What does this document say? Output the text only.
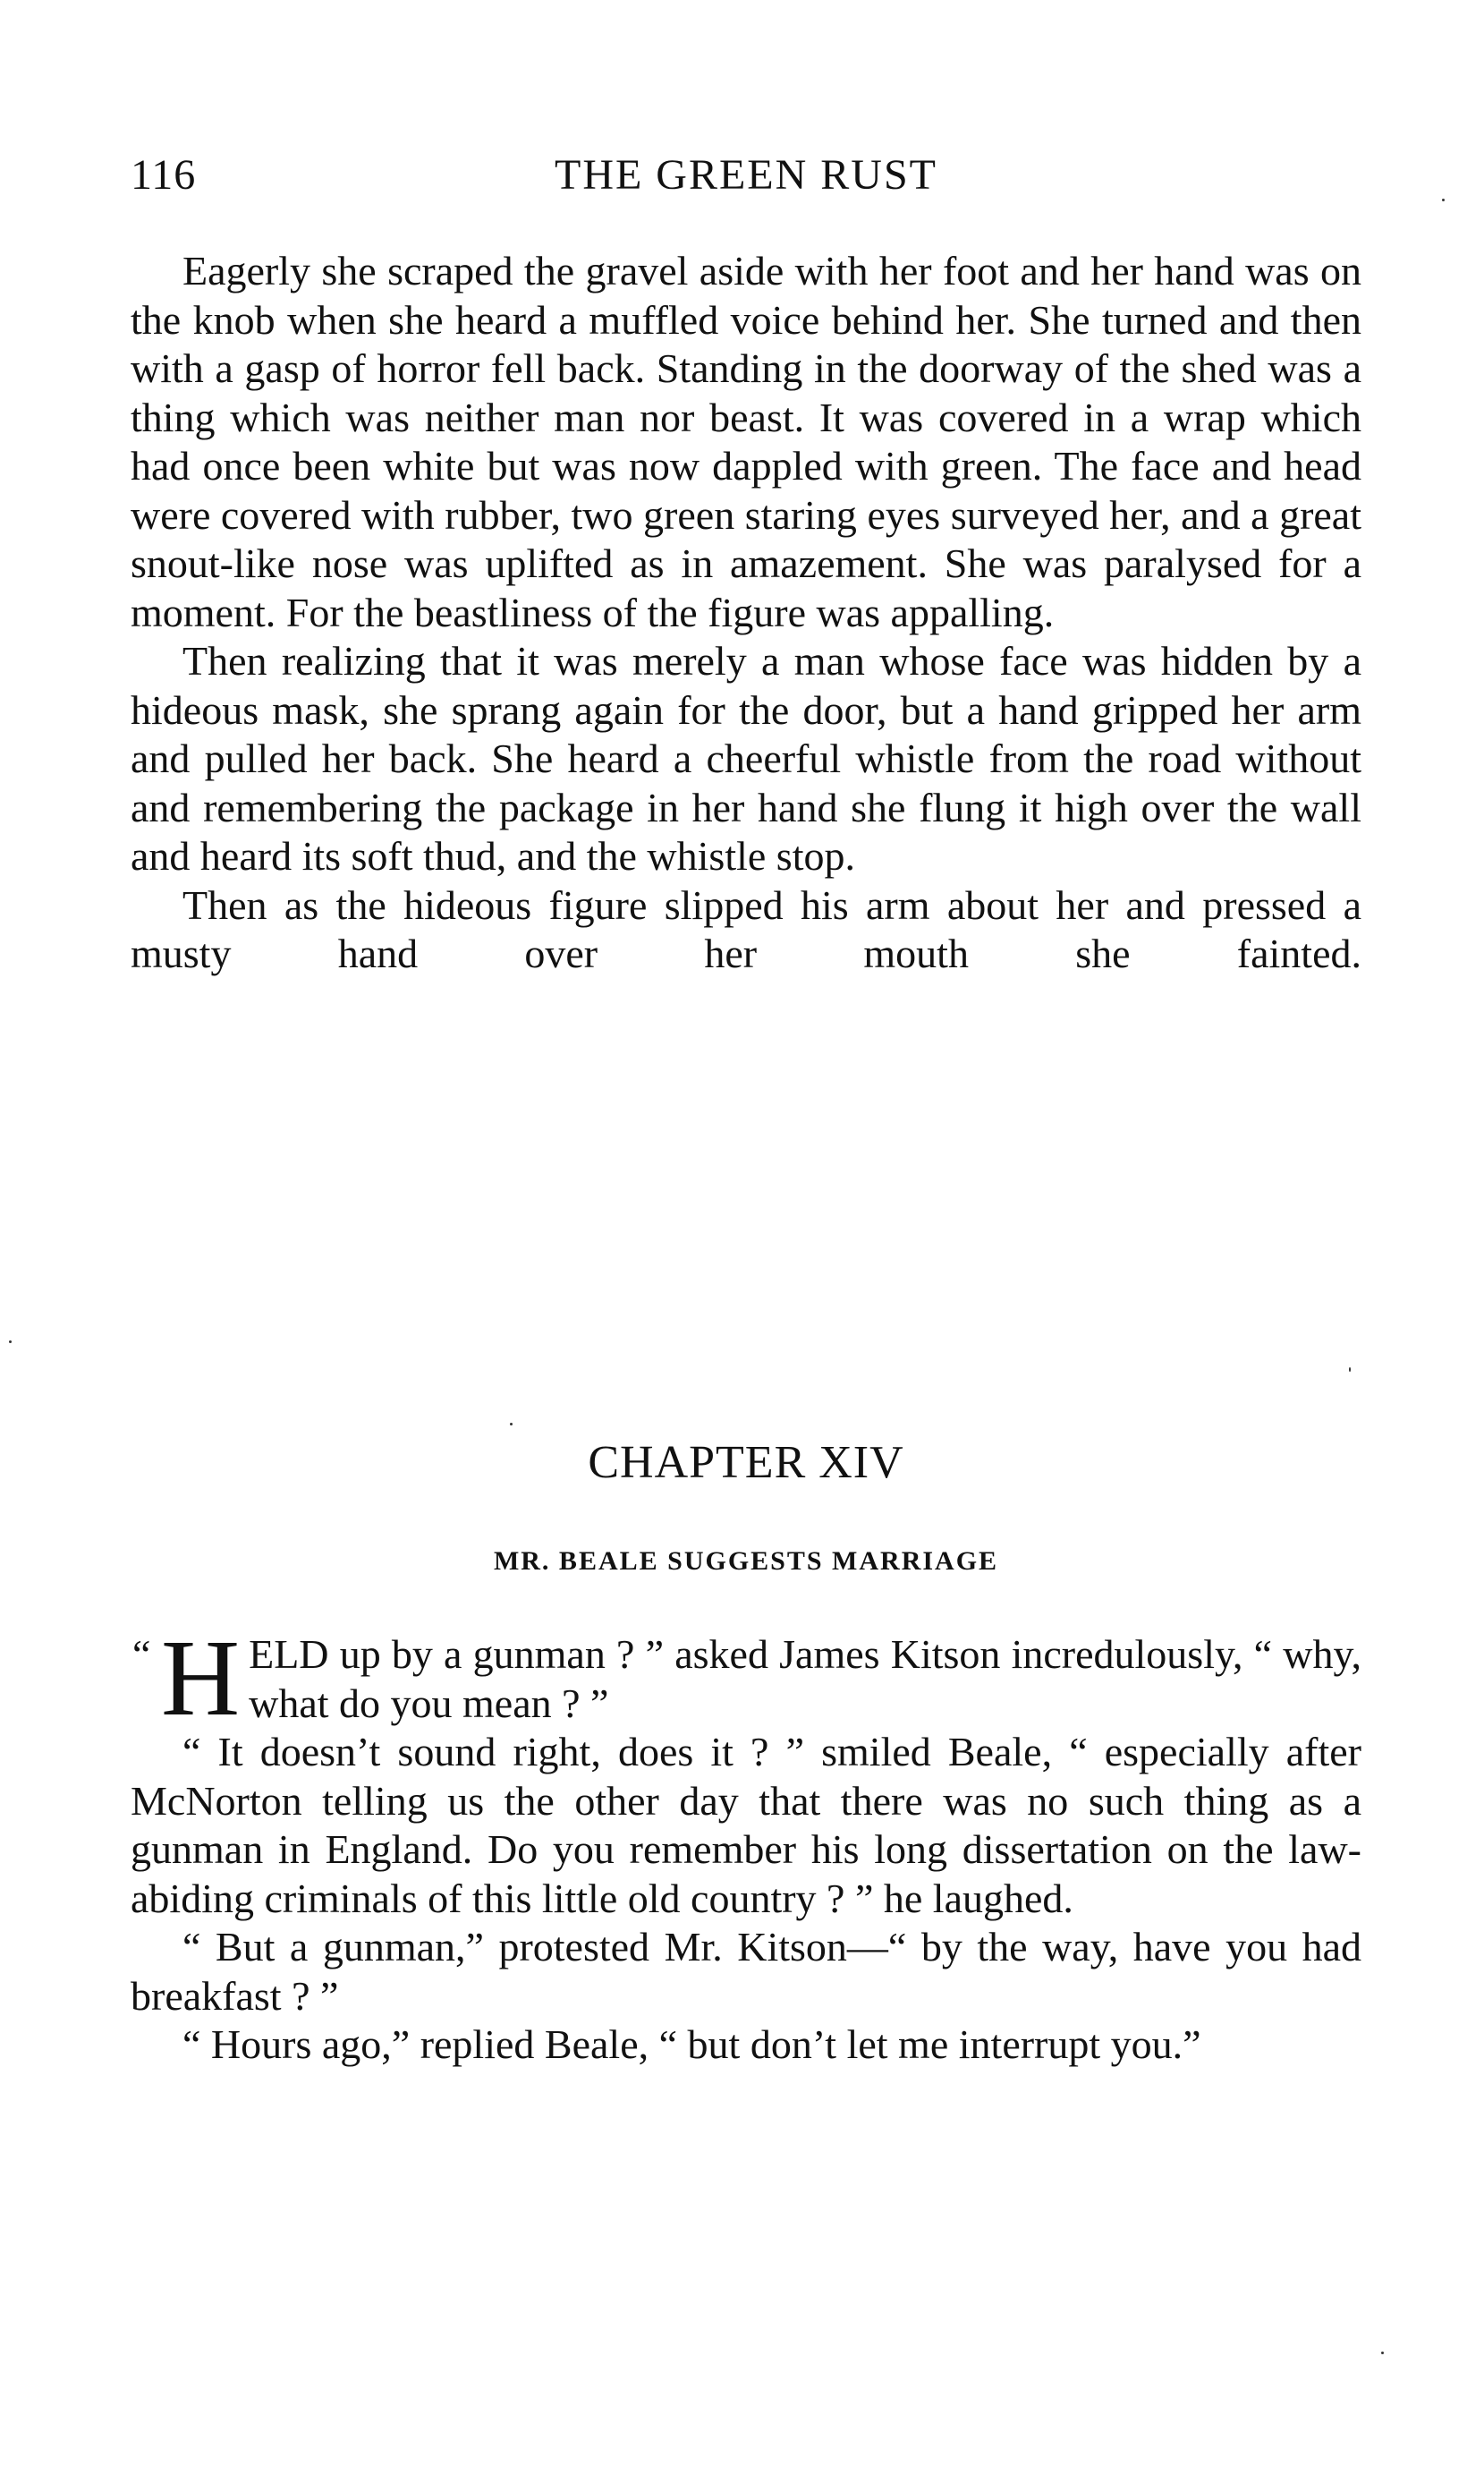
116	THE GREEN RUST

Eagerly she scraped the gravel aside with her foot and her hand was on the knob when she heard a muffled voice behind her. She turned and then with a gasp of horror fell back. Standing in the doorway of the shed was a thing which was neither man nor beast. It was covered in a wrap which had once been white but was now dappled with green. The face and head were covered with rubber, two green staring eyes surveyed her, and a great snout-like nose was uplifted as in amazement. She was paralysed for a moment. For the beastliness of the figure was appalling.

Then realizing that it was merely a man whose face was hidden by a hideous mask, she sprang again for the door, but a hand gripped her arm and pulled her back. She heard a cheerful whistle from the road without and remembering the package in her hand she flung it high over the wall and heard its soft thud, and the whistle stop.

Then as the hideous figure slipped his arm about her and pressed a musty hand over her mouth she fainted.

CHAPTER XIV
MR. BEALE SUGGESTS MARRIAGE
“ H ELD up by a gunman ? ” asked James Kitson incredulously, “ why, what do you mean ? ”

“ It doesn’t sound right, does it ? ” smiled Beale, “ especially after McNorton telling us the other day that there was no such thing as a gunman in England. Do you remember his long dissertation on the law-abiding criminals of this little old country ? ” he laughed.

“ But a gunman,” protested Mr. Kitson—“ by the way, have you had breakfast ? ”

“ Hours ago,” replied Beale, “ but don’t let me interrupt you.”
